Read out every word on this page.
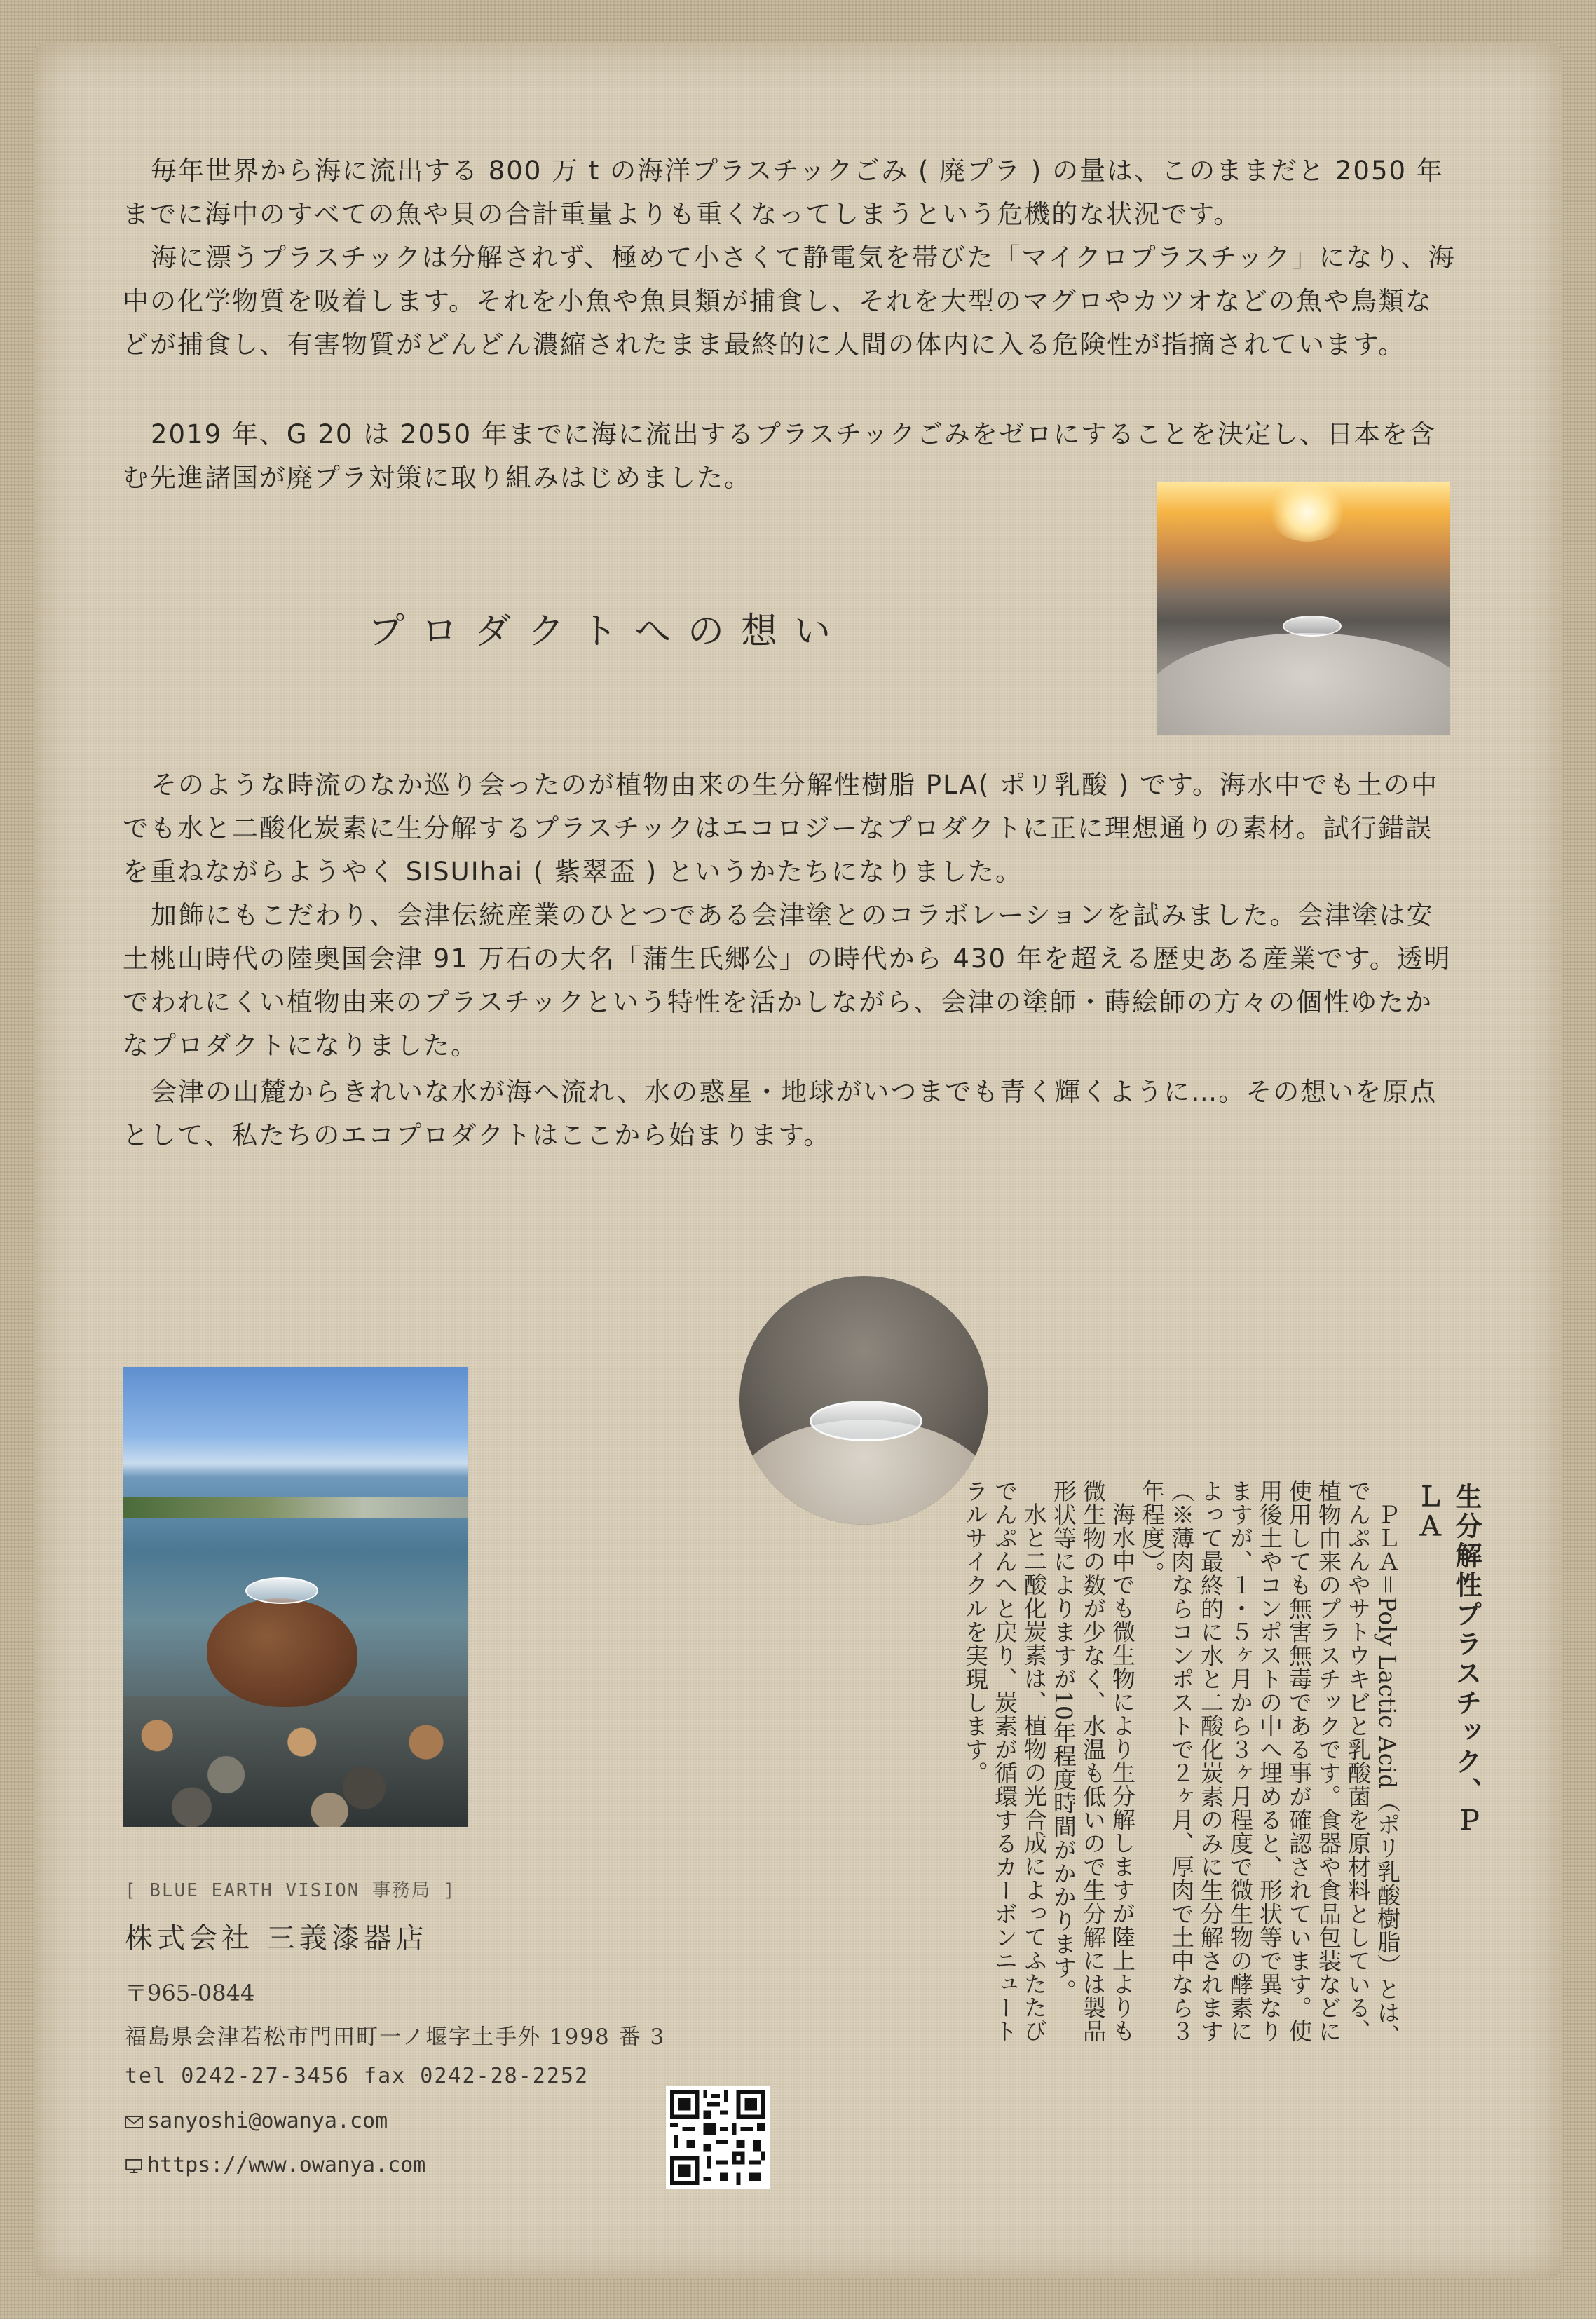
毎年世界から海に流出する 800 万 t の海洋プラスチックごみ ( 廃プラ ) の量は、このままだと 2050 年までに海中のすべての魚や貝の合計重量よりも重くなってしまうという危機的な状況です。

海に漂うプラスチックは分解されず、極めて小さくて静電気を帯びた「マイクロプラスチック」になり、海中の化学物質を吸着します。それを小魚や魚貝類が捕食し、それを大型のマグロやカツオなどの魚や鳥類などが捕食し、有害物質がどんどん濃縮されたまま最終的に人間の体内に入る危険性が指摘されています。

2019 年、G 20 は 2050 年までに海に流出するプラスチックごみをゼロにすることを決定し、日本を含む先進諸国が廃プラ対策に取り組みはじめました。

プロダクトへの想い

そのような時流のなか巡り会ったのが植物由来の生分解性樹脂 PLA( ポリ乳酸 ) です。海水中でも土の中でも水と二酸化炭素に生分解するプラスチックはエコロジーなプロダクトに正に理想通りの素材。試行錯誤を重ねながらようやく SISUIhai ( 紫翠盃 ) というかたちになりました。

加飾にもこだわり、会津伝統産業のひとつである会津塗とのコラボレーションを試みました。会津塗は安土桃山時代の陸奥国会津 91 万石の大名「蒲生氏郷公」の時代から 430 年を超える歴史ある産業です。透明でわれにくい植物由来のプラスチックという特性を活かしながら、会津の塗師・蒔絵師の方々の個性ゆたかなプロダクトになりました。

会津の山麓からきれいな水が海へ流れ、水の惑星・地球がいつまでも青く輝くように…。その想いを原点として、私たちのエコプロダクトはここから始まります。

生分解性プラスチック、ＰＬＡ

ＰＬＡ＝Poly Lactic Acid（ポリ乳酸樹脂）とは、でんぷんやサトウキビと乳酸菌を原材料としている、植物由来のプラスチックです。食器や食品包装などに使用しても無害無毒である事が確認されています。使用後土やコンポストの中へ埋めると、形状等で異なりますが、１・５ヶ月から３ヶ月程度で微生物の酵素によって最終的に水と二酸化炭素のみに生分解されます（※薄肉ならコンポストで２ヶ月、厚肉で土中なら３年程度）。

海水中でも微生物により生分解しますが陸上よりも微生物の数が少なく、水温も低いので生分解には製品形状等によりますが10年程度時間がかかります。

水と二酸化炭素は、植物の光合成によってふたたびでんぷんへと戻り、炭素が循環するカーボンニュートラルサイクルを実現します。

[ BLUE EARTH VISION 事務局 ]
株式会社 三義漆器店
〒965-0844
福島県会津若松市門田町一ノ堰字土手外 1998 番 3
tel 0242-27-3456 fax 0242-28-2252
sanyoshi@owanya.com
https://www.owanya.com
